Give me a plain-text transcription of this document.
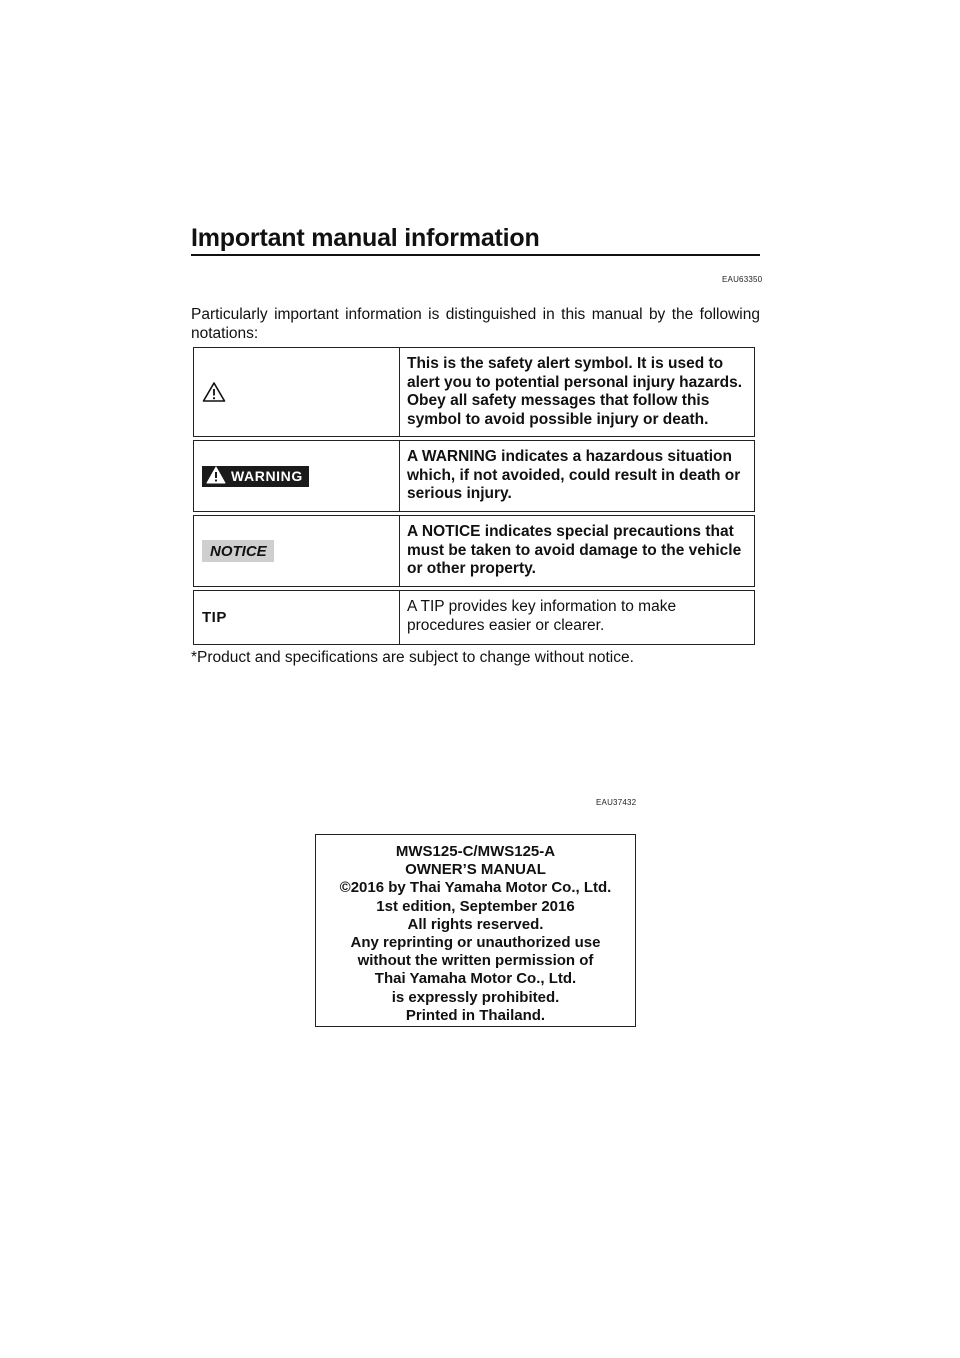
Important manual information
EAU63350

Particularly important information is distinguished in this manual by the following notations:

This is the safety alert symbol. It is used to alert you to potential personal injury hazards. Obey all safety messages that follow this symbol to avoid possible injury or death.
WARNING
A WARNING indicates a hazardous situation which, if not avoided, could result in death or serious injury.
NOTICE
A NOTICE indicates special precautions that must be taken to avoid damage to the vehicle or other property.
TIP
A TIP provides key information to make procedures easier or clearer.

*Product and specifications are subject to change without notice.

EAU37432
MWS125-C/MWS125-A
OWNER’S MANUAL
©2016 by Thai Yamaha Motor Co., Ltd.
1st edition, September 2016
All rights reserved.
Any reprinting or unauthorized use
without the written permission of
Thai Yamaha Motor Co., Ltd.
is expressly prohibited.
Printed in Thailand.
